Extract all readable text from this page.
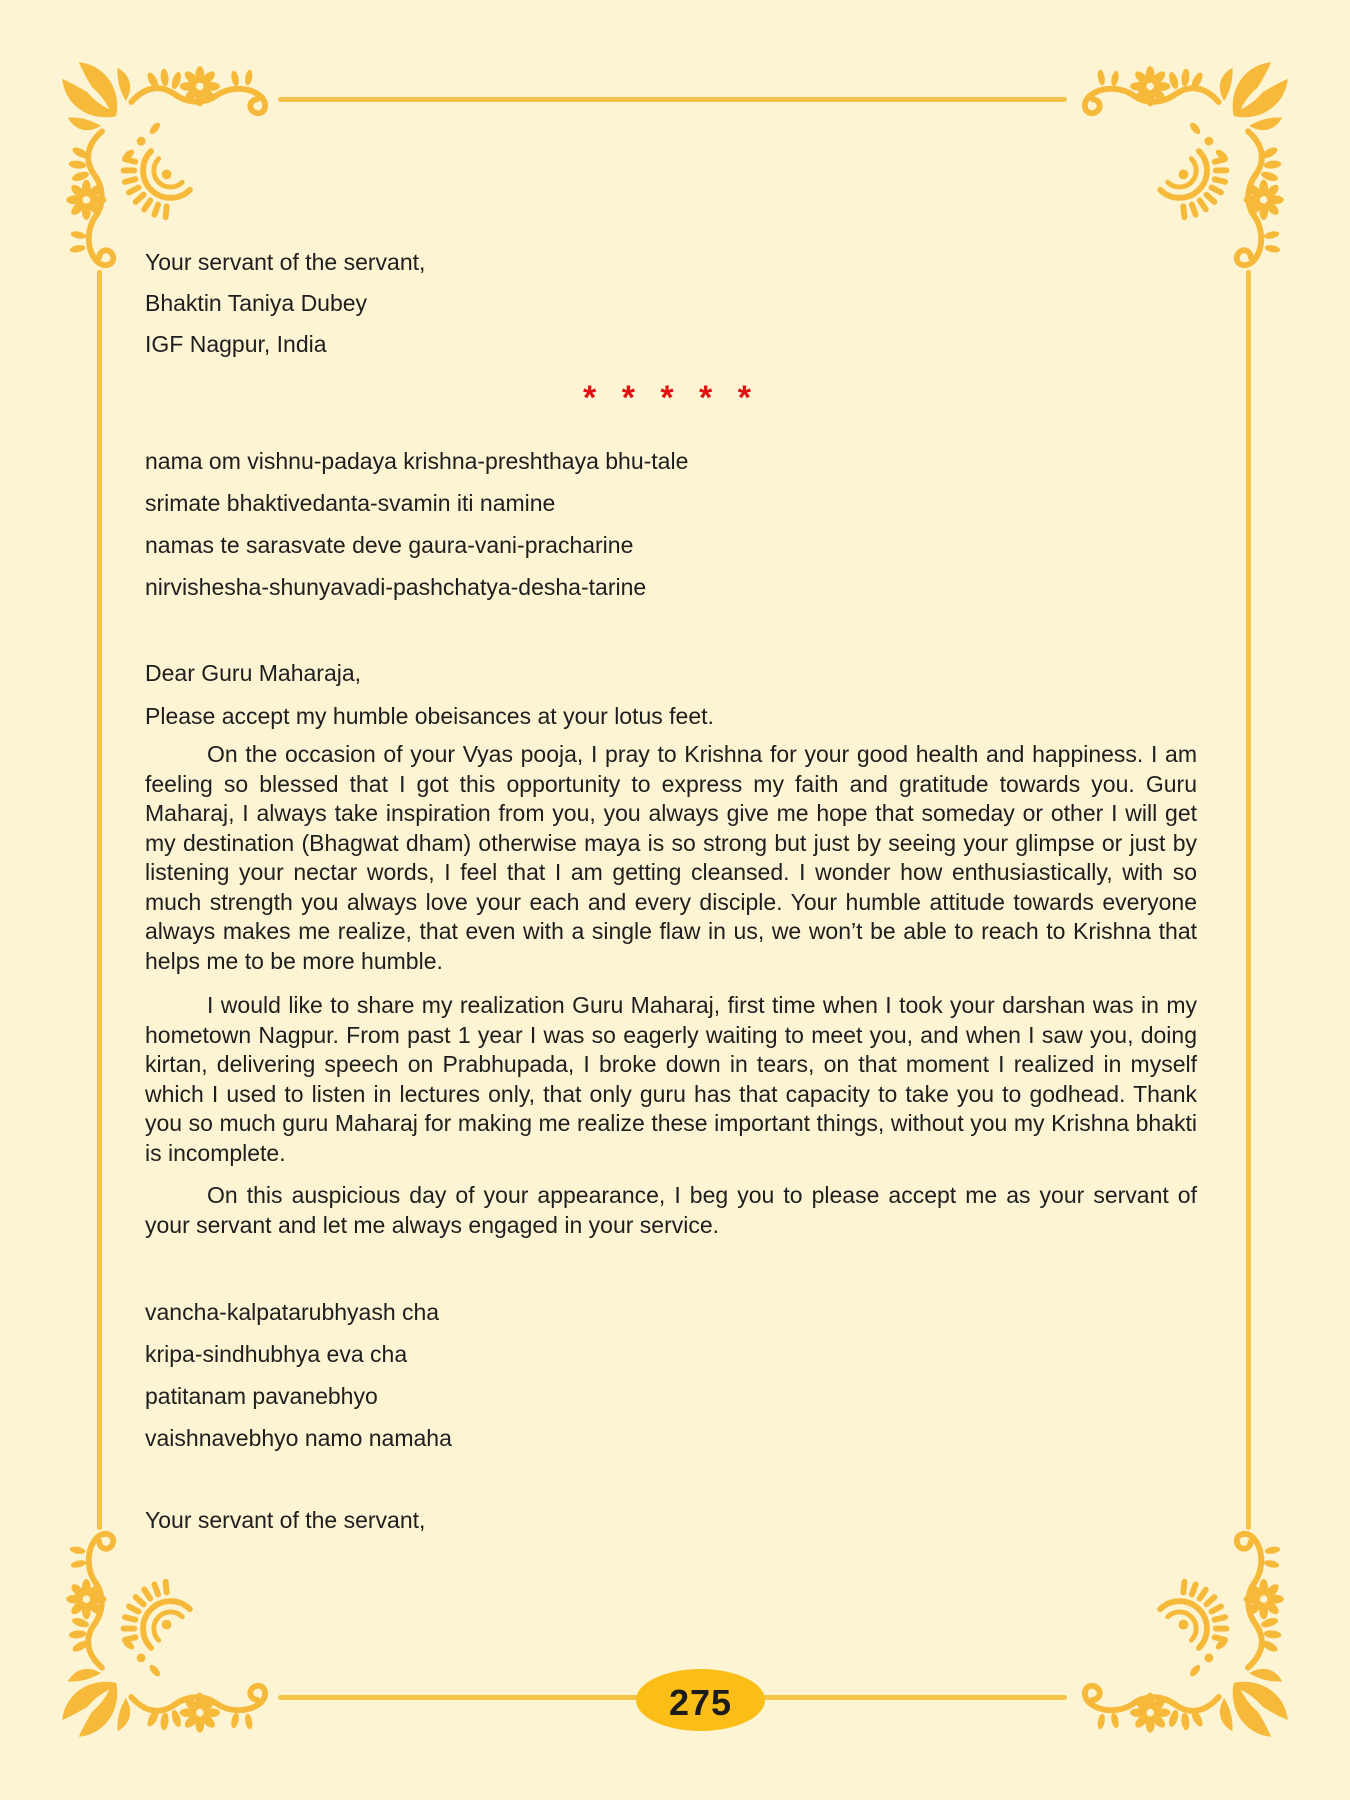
Your servant of the servant,

Bhaktin Taniya Dubey

IGF Nagpur, India

* * * * *

nama om vishnu-padaya krishna-preshthaya bhu-tale

srimate bhaktivedanta-svamin iti namine

namas te sarasvate deve gaura-vani-pracharine

nirvishesha-shunyavadi-pashchatya-desha-tarine

Dear Guru Maharaja,
Please accept my humble obeisances at your lotus feet.

On the occasion of your Vyas pooja, I pray to Krishna for your good health and happiness. I am feeling so blessed that I got this opportunity to express my faith and gratitude towards you. Guru Maharaj, I always take inspiration from you, you always give me hope that someday or other I will get my destination (Bhagwat dham) otherwise maya is so strong but just by seeing your glimpse or just by listening your nectar words, I feel that I am getting cleansed. I wonder how enthusiastically, with so much strength you always love your each and every disciple. Your humble attitude towards everyone always makes me realize, that even with a single flaw in us, we won’t be able to reach to Krishna that helps me to be more humble.

I would like to share my realization Guru Maharaj, first time when I took your darshan was in my hometown Nagpur. From past 1 year I was so eagerly waiting to meet you, and when I saw you, doing kirtan, delivering speech on Prabhupada, I broke down in tears, on that moment I realized in myself which I used to listen in lectures only, that only guru has that capacity to take you to godhead. Thank you so much guru Maharaj for making me realize these important things, without you my Krishna bhakti is incomplete.

On this auspicious day of your appearance, I beg you to please accept me as your servant of your servant and let me always engaged in your service.

vancha-kalpatarubhyash cha

kripa-sindhubhya eva cha

patitanam pavanebhyo

vaishnavebhyo namo namaha

Your servant of the servant,
275
